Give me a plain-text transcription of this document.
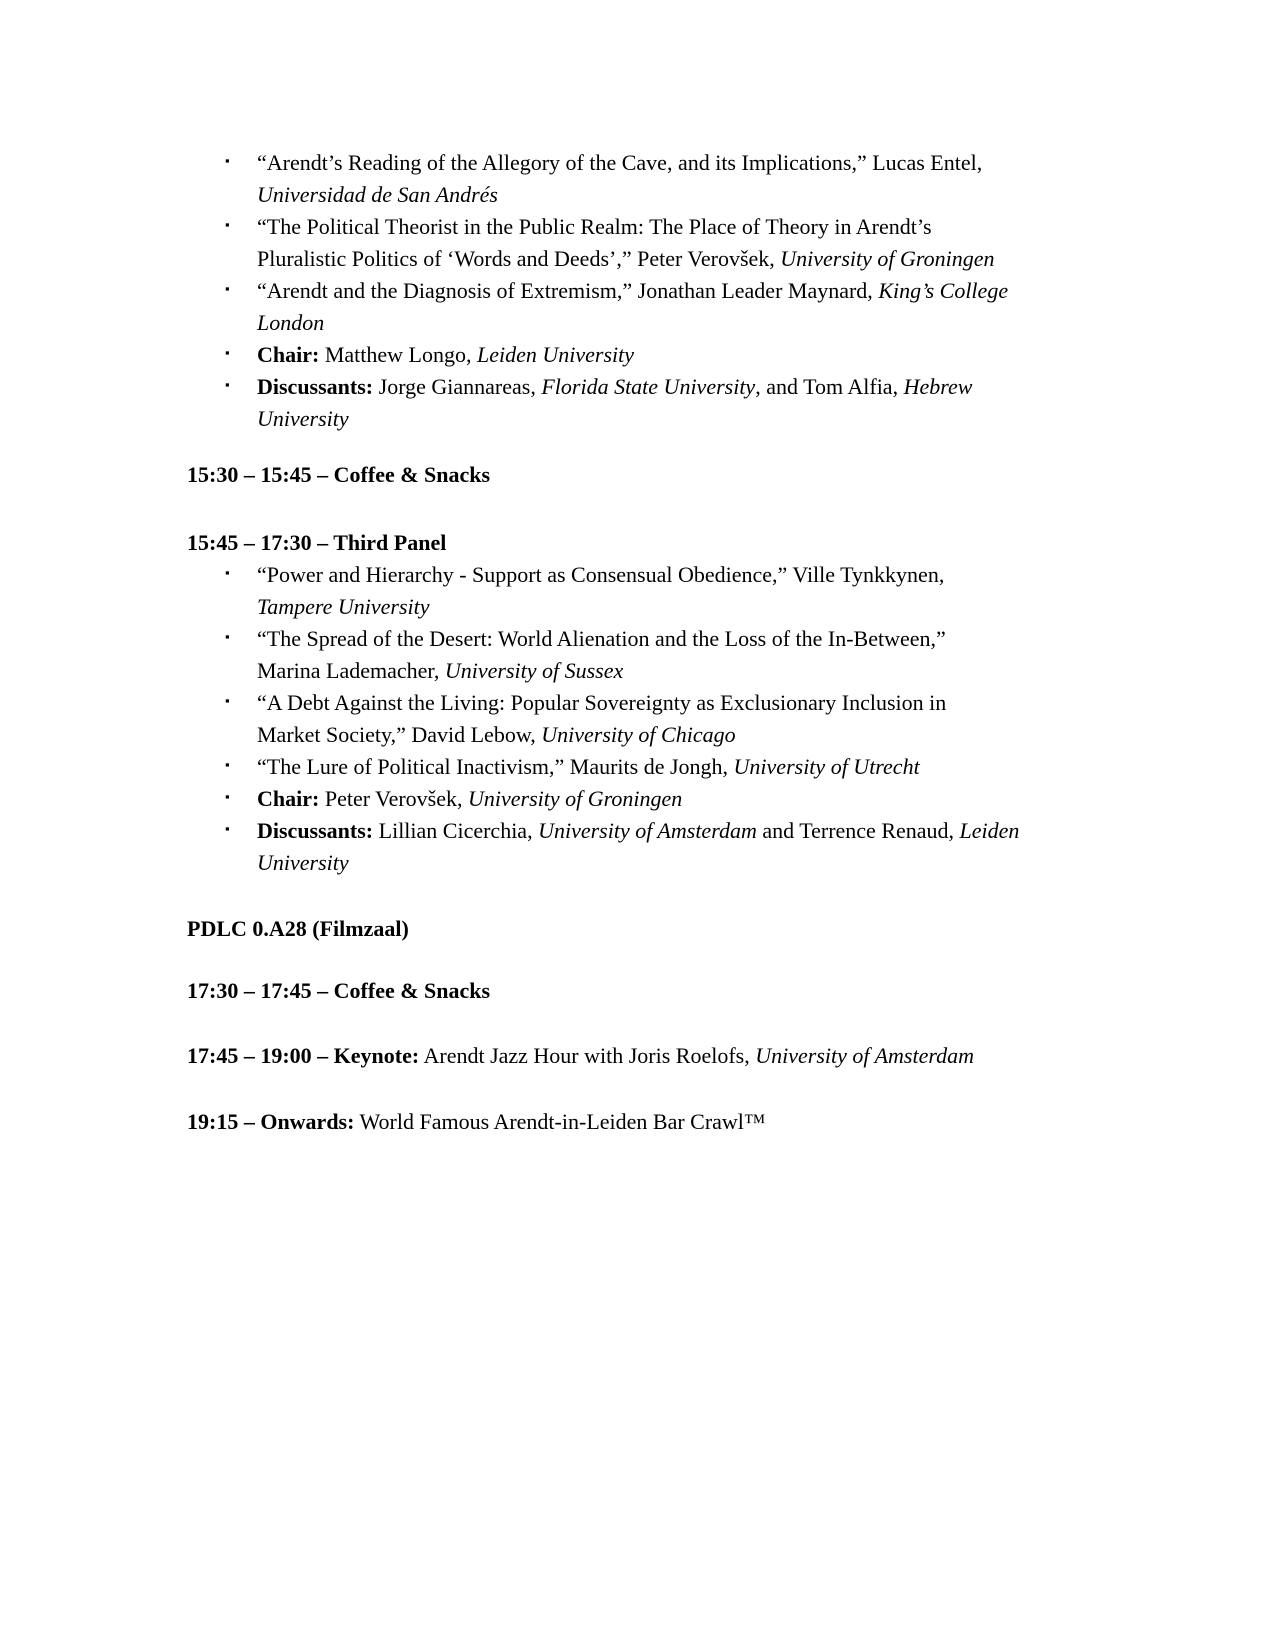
▪ “Arendt’s Reading of the Allegory of the Cave, and its Implications,” Lucas Entel,
Universidad de San Andrés
▪ “The Political Theorist in the Public Realm: The Place of Theory in Arendt’s
Pluralistic Politics of ‘Words and Deeds’,” Peter Verovšek, University of Groningen
▪ “Arendt and the Diagnosis of Extremism,” Jonathan Leader Maynard, King’s College
London
▪ Chair: Matthew Longo, Leiden University
▪ Discussants: Jorge Giannareas, Florida State University, and Tom Alfia, Hebrew
University
15:30 – 15:45 – Coffee & Snacks
15:45 – 17:30 – Third Panel
▪ “Power and Hierarchy - Support as Consensual Obedience,” Ville Tynkkynen,
Tampere University
▪ “The Spread of the Desert: World Alienation and the Loss of the In-Between,”
Marina Lademacher, University of Sussex
▪ “A Debt Against the Living: Popular Sovereignty as Exclusionary Inclusion in
Market Society,” David Lebow, University of Chicago
▪ “The Lure of Political Inactivism,” Maurits de Jongh, University of Utrecht
▪ Chair: Peter Verovšek, University of Groningen
▪ Discussants: Lillian Cicerchia, University of Amsterdam and Terrence Renaud, Leiden
University
PDLC 0.A28 (Filmzaal)
17:30 – 17:45 – Coffee & Snacks
17:45 – 19:00 – Keynote: Arendt Jazz Hour with Joris Roelofs, University of Amsterdam
19:15 – Onwards: World Famous Arendt-in-Leiden Bar Crawl™
